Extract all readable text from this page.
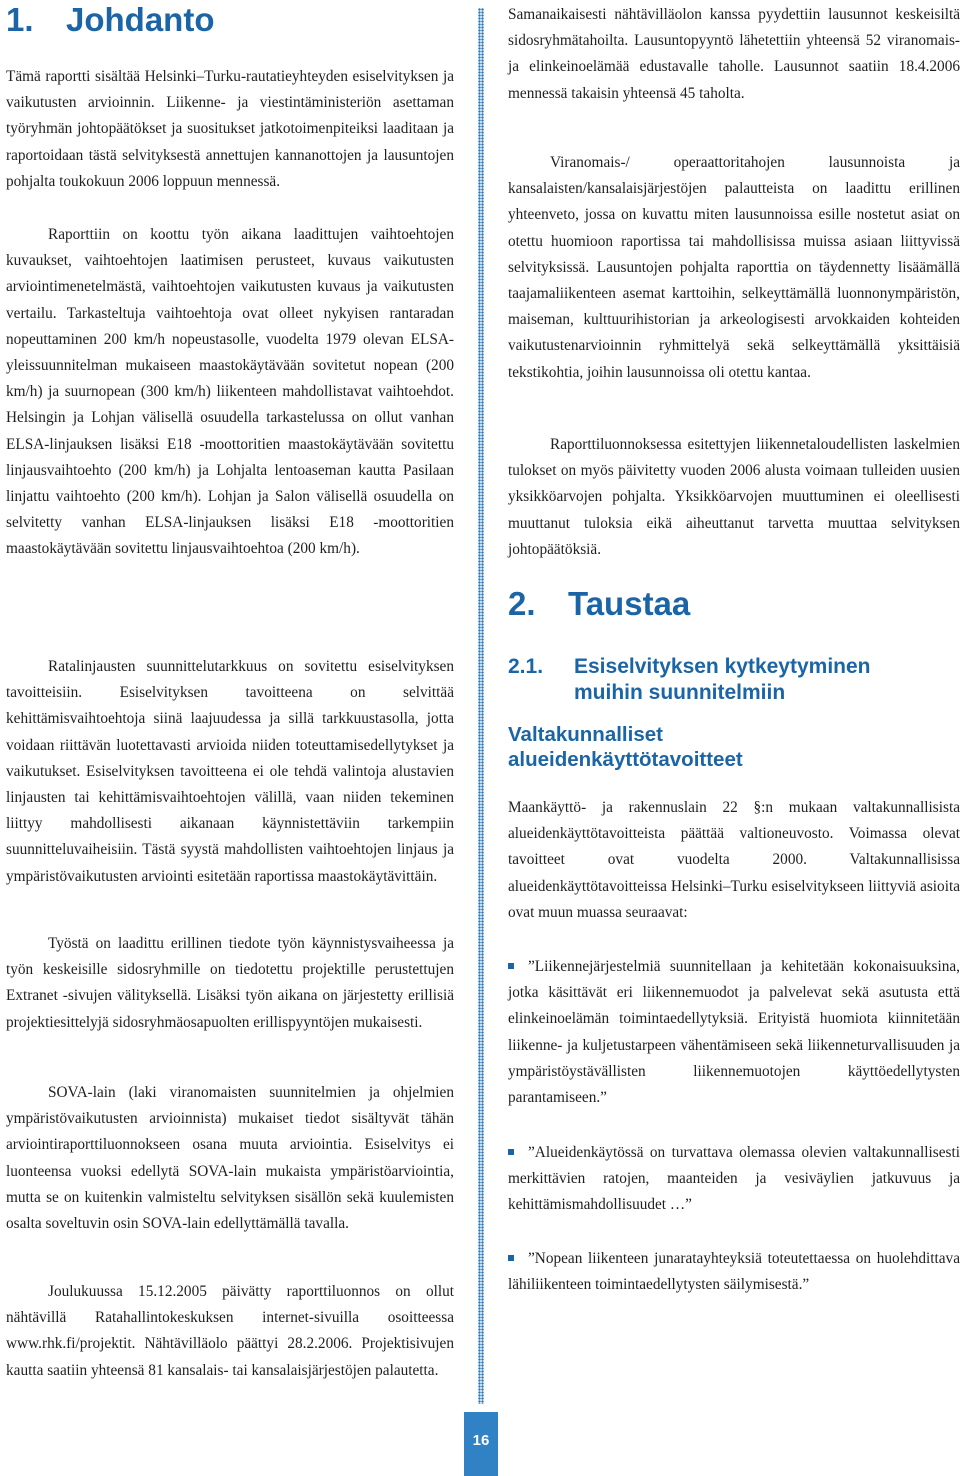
1. Johdanto

Tämä raportti sisältää Helsinki–Turku-rautatieyhteyden esiselvityksen ja vaikutusten arvioinnin. Liikenne- ja viestintäministeriön asettaman työryhmän johtopäätökset ja suositukset jatkotoimenpiteiksi laaditaan ja raportoidaan tästä selvityksestä annettujen kannanottojen ja lausuntojen pohjalta toukokuun 2006 loppuun mennessä.

Raporttiin on koottu työn aikana laadittujen vaihtoehtojen kuvaukset, vaihtoehtojen laatimisen perusteet, kuvaus vaikutusten arviointimenetelmästä, vaihtoehtojen vaikutusten kuvaus ja vaikutusten vertailu. Tarkasteltuja vaihtoehtoja ovat olleet nykyisen rantaradan nopeuttaminen 200 km/h nopeustasolle, vuodelta 1979 olevan ELSA-yleissuunnitelman mukaiseen maastokäytävään sovitetut nopean (200 km/h) ja suurnopean (300 km/h) liikenteen mahdollistavat vaihtoehdot. Helsingin ja Lohjan välisellä osuudella tarkastelussa on ollut vanhan ELSA-linjauksen lisäksi E18 -moottoritien maastokäytävään sovitettu linjausvaihtoehto (200 km/h) ja Lohjalta lentoaseman kautta Pasilaan linjattu vaihtoehto (200 km/h). Lohjan ja Salon välisellä osuudella on selvitetty vanhan ELSA-linjauksen lisäksi E18 -moottoritien maastokäytävään sovitettu linjausvaihtoehtoa (200 km/h).

Ratalinjausten suunnittelutarkkuus on sovitettu esiselvityksen tavoitteisiin. Esiselvityksen tavoitteena on selvittää kehittämisvaihtoehtoja siinä laajuudessa ja sillä tarkkuustasolla, jotta voidaan riittävän luotettavasti arvioida niiden toteuttamisedellytykset ja vaikutukset. Esiselvityksen tavoitteena ei ole tehdä valintoja alustavien linjausten tai kehittämisvaihtoehtojen välillä, vaan niiden tekeminen liittyy mahdollisesti aikanaan käynnistettäviin tarkempiin suunnitteluvaiheisiin. Tästä syystä mahdollisten vaihtoehtojen linjaus ja ympäristövaikutusten arviointi esitetään raportissa maastokäytävittäin.

Työstä on laadittu erillinen tiedote työn käynnistysvaiheessa ja työn keskeisille sidosryhmille on tiedotettu projektille perustettujen Extranet -sivujen välityksellä. Lisäksi työn aikana on järjestetty erillisiä projektiesittelyjä sidosryhmäosapuolten erillispyyntöjen mukaisesti.

SOVA-lain (laki viranomaisten suunnitelmien ja ohjelmien ympäristövaikutusten arvioinnista) mukaiset tiedot sisältyvät tähän arviointiraporttiluonnokseen osana muuta arviointia. Esiselvitys ei luonteensa vuoksi edellytä SOVA-lain mukaista ympäristöarviointia, mutta se on kuitenkin valmisteltu selvityksen sisällön sekä kuulemisten osalta soveltuvin osin SOVA-lain edellyttämällä tavalla.

Joulukuussa 15.12.2005 päivätty raporttiluonnos on ollut nähtävillä Ratahallintokeskuksen internet-sivuilla osoitteessa www.rhk.fi/projektit. Nähtävilläolo päättyi 28.2.2006. Projektisivujen kautta saatiin yhteensä 81 kansalais- tai kansalaisjärjestöjen palautetta.

Samanaikaisesti nähtävilläolon kanssa pyydettiin lausunnot keskeisiltä sidosryhmätahoilta. Lausuntopyyntö lähetettiin yhteensä 52 viranomais- ja elinkeinoelämää edustavalle taholle. Lausunnot saatiin 18.4.2006 mennessä takaisin yhteensä 45 taholta.

Viranomais-/ operaattoritahojen lausunnoista ja kansalaisten/kansalaisjärjestöjen palautteista on laadittu erillinen yhteenveto, jossa on kuvattu miten lausunnoissa esille nostetut asiat on otettu huomioon raportissa tai mahdollisissa muissa asiaan liittyvissä selvityksissä. Lausuntojen pohjalta raporttia on täydennetty lisäämällä taajamaliikenteen asemat karttoihin, selkeyttämällä luonnonympäristön, maiseman, kulttuurihistorian ja arkeologisesti arvokkaiden kohteiden vaikutustenarvioinnin ryhmittelyä sekä selkeyttämällä yksittäisiä tekstikohtia, joihin lausunnoissa oli otettu kantaa.

Raporttiluonnoksessa esitettyjen liikennetaloudellisten laskelmien tulokset on myös päivitetty vuoden 2006 alusta voimaan tulleiden uusien yksikköarvojen pohjalta. Yksikköarvojen muuttuminen ei oleellisesti muuttanut tuloksia eikä aiheuttanut tarvetta muuttaa selvityksen johtopäätöksiä.

2. Taustaa
2.1.	Esiselvityksen kytkeytyminen muihin suunnitelmiin
Valtakunnalliset alueidenkäyttötavoitteet

Maankäyttö- ja rakennuslain 22 §:n mukaan valtakunnallisista alueidenkäyttötavoitteista päättää valtioneuvosto. Voimassa olevat tavoitteet ovat vuodelta 2000. Valtakunnallisissa alueidenkäyttötavoitteissa Helsinki–Turku esiselvitykseen liittyviä asioita ovat muun muassa seuraavat:

”Liikennejärjestelmiä suunnitellaan ja kehitetään kokonaisuuksina, jotka käsittävät eri liikennemuodot ja palvelevat sekä asutusta että elinkeinoelämän toimintaedellytyksiä. Erityistä huomiota kiinnitetään liikenne- ja kuljetustarpeen vähentämiseen sekä liikenneturvallisuuden ja ympäristöystävällisten liikennemuotojen käyttöedellytysten parantamiseen.”

”Alueidenkäytössä on turvattava olemassa olevien valtakunnallisesti merkittävien ratojen, maanteiden ja vesiväylien jatkuvuus ja kehittämismahdollisuudet …”

”Nopean liikenteen junaratayhteyksiä toteutettaessa on huolehdittava lähiliikenteen toimintaedellytysten säilymisestä.”

16
